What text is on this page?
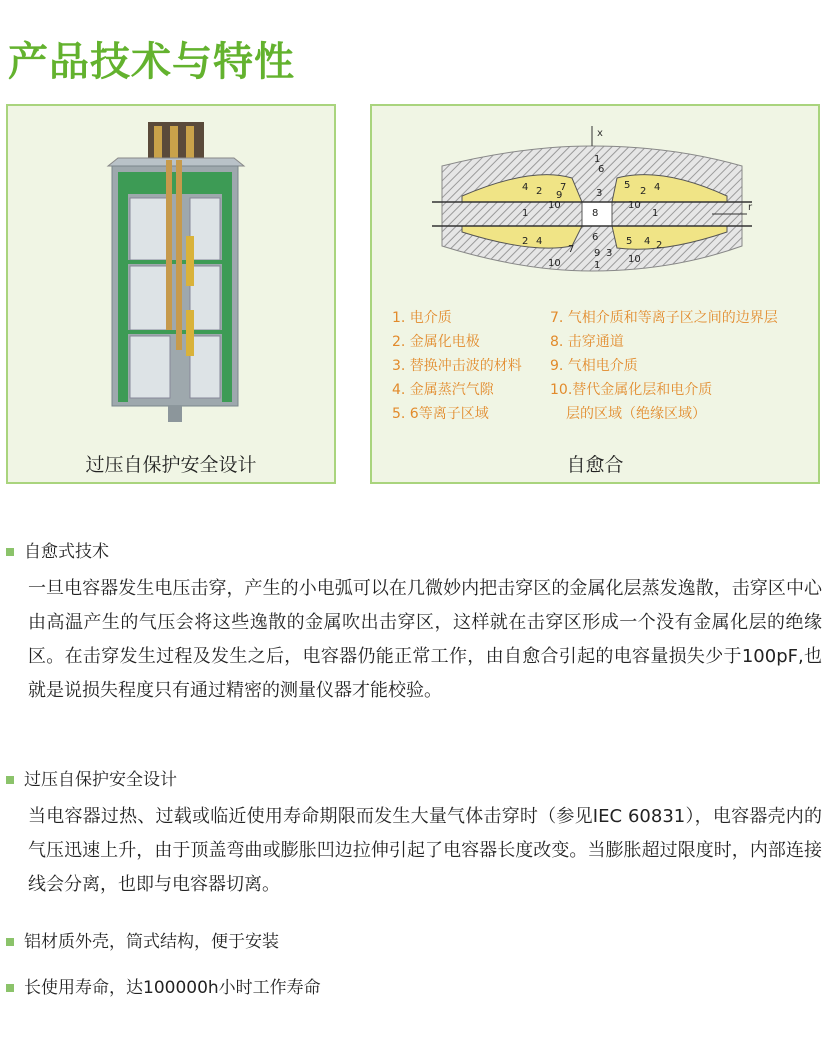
产品技术与特性
过压自保护安全设计
x
r
1
4 2 9
7
10
3
6
8
5
2 4
1
10
1
2 4	6	5 4 2
10
7 9 3
1
10
1. 电介质
2. 金属化电极
3. 替换冲击波的材料
4. 金属蒸汽气隙
5. 6等离子区域
7. 气相介质和等离子区之间的边界层
8. 击穿通道
9. 气相电介质
10.替代金属化层和电介质
层的区域（绝缘区域）
自愈合
自愈式技术
一旦电容器发生电压击穿，产生的小电弧可以在几微妙内把击穿区的金属化层蒸发逸散，击穿区中心由高温产生的气压会将这些逸散的金属吹出击穿区，这样就在击穿区形成一个没有金属化层的绝缘区。在击穿发生过程及发生之后，电容器仍能正常工作，由自愈合引起的电容量损失少于100pF,也就是说损失程度只有通过精密的测量仪器才能校验。
过压自保护安全设计
当电容器过热、过载或临近使用寿命期限而发生大量气体击穿时（参见IEC 60831），电容器壳内的气压迅速上升，由于顶盖弯曲或膨胀凹边拉伸引起了电容器长度改变。当膨胀超过限度时，内部连接线会分离，也即与电容器切离。
铝材质外壳，筒式结构，便于安装
长使用寿命，达100000h小时工作寿命
